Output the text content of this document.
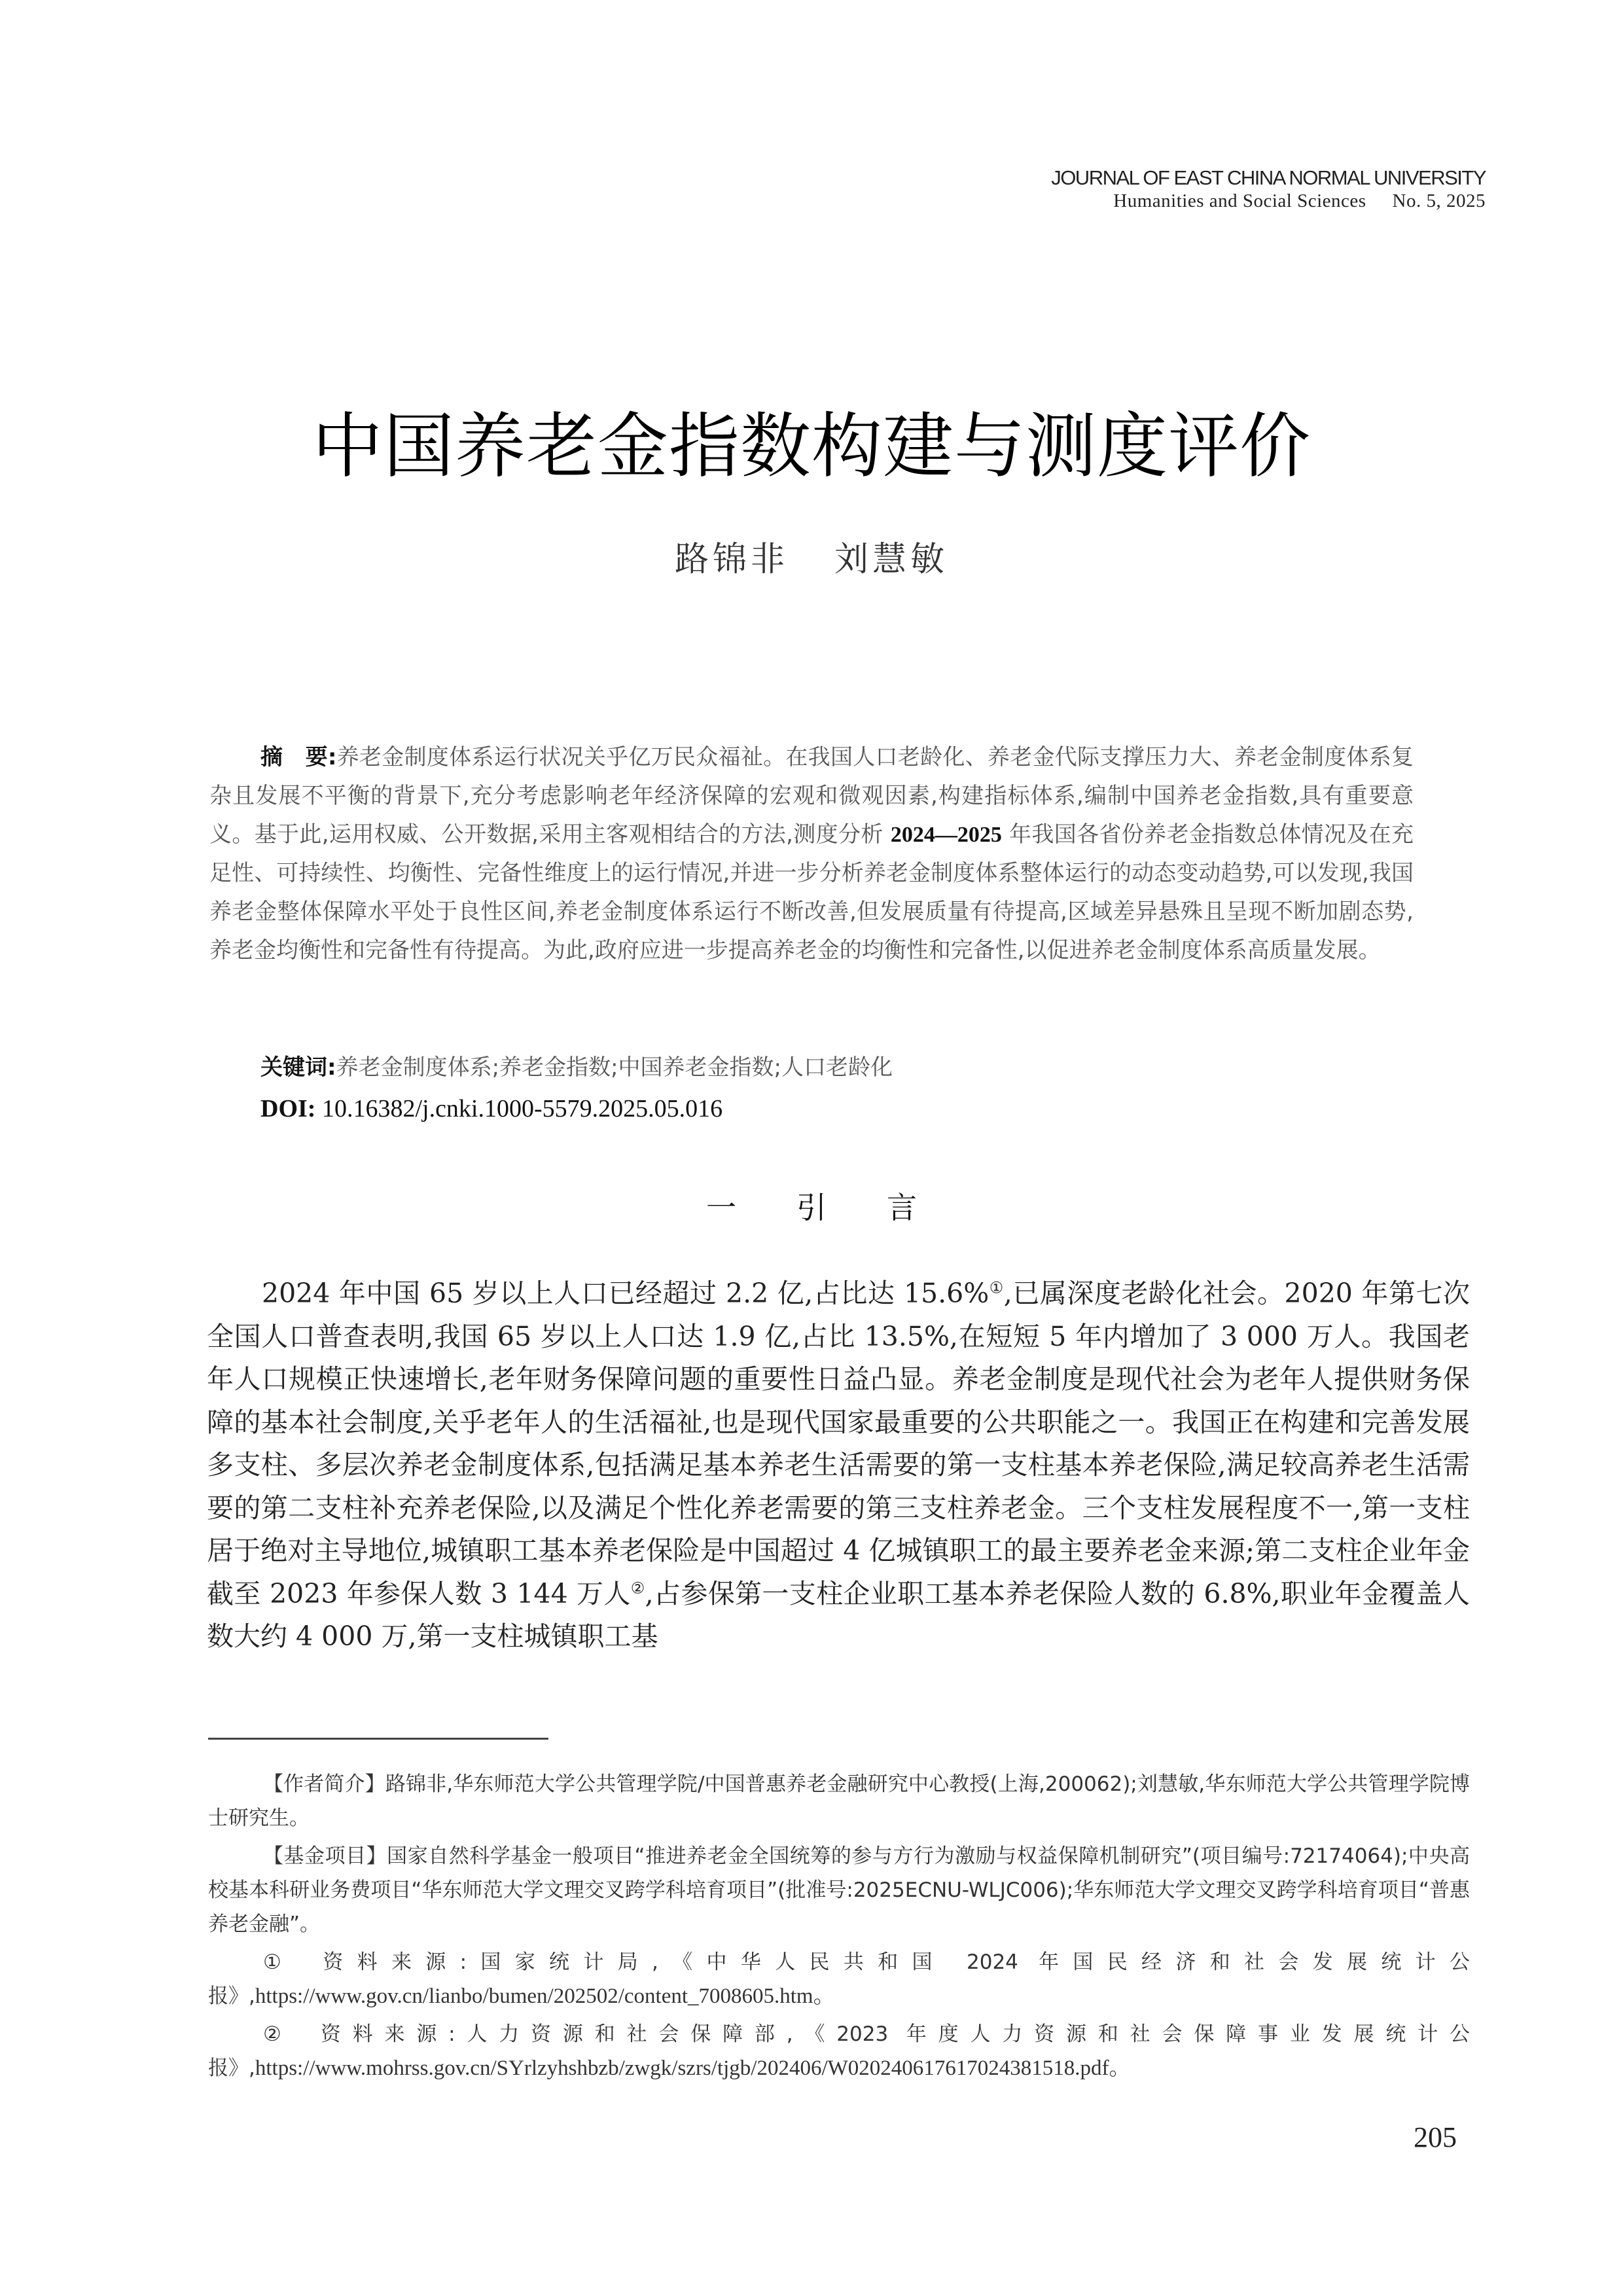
JOURNAL OF EAST CHINA NORMAL UNIVERSITY
Humanities and Social Sciences No. 5, 2025
中国养老金指数构建与测度评价
路锦非 刘慧敏
摘　要:养老金制度体系运行状况关乎亿万民众福祉。在我国人口老龄化、养老金代际支撑压力大、养老金制度体系复杂且发展不平衡的背景下,充分考虑影响老年经济保障的宏观和微观因素,构建指标体系,编制中国养老金指数,具有重要意义。基于此,运用权威、公开数据,采用主客观相结合的方法,测度分析 2024—2025 年我国各省份养老金指数总体情况及在充足性、可持续性、均衡性、完备性维度上的运行情况,并进一步分析养老金制度体系整体运行的动态变动趋势,可以发现,我国养老金整体保障水平处于良性区间,养老金制度体系运行不断改善,但发展质量有待提高,区域差异悬殊且呈现不断加剧态势,养老金均衡性和完备性有待提高。为此,政府应进一步提高养老金的均衡性和完备性,以促进养老金制度体系高质量发展。
关键词:养老金制度体系;养老金指数;中国养老金指数;人口老龄化
DOI: 10.16382/j.cnki.1000-5579.2025.05.016
一 引 言
2024 年中国 65 岁以上人口已经超过 2.2 亿,占比达 15.6%①,已属深度老龄化社会。2020 年第七次全国人口普查表明,我国 65 岁以上人口达 1.9 亿,占比 13.5%,在短短 5 年内增加了 3 000 万人。我国老年人口规模正快速增长,老年财务保障问题的重要性日益凸显。养老金制度是现代社会为老年人提供财务保障的基本社会制度,关乎老年人的生活福祉,也是现代国家最重要的公共职能之一。我国正在构建和完善发展多支柱、多层次养老金制度体系,包括满足基本养老生活需要的第一支柱基本养老保险,满足较高养老生活需要的第二支柱补充养老保险,以及满足个性化养老需要的第三支柱养老金。三个支柱发展程度不一,第一支柱居于绝对主导地位,城镇职工基本养老保险是中国超过 4 亿城镇职工的最主要养老金来源;第二支柱企业年金截至 2023 年参保人数 3 144 万人②,占参保第一支柱企业职工基本养老保险人数的 6.8%,职业年金覆盖人数大约 4 000 万,第一支柱城镇职工基

【作者简介】路锦非,华东师范大学公共管理学院/中国普惠养老金融研究中心教授(上海,200062);刘慧敏,华东师范大学公共管理学院博士研究生。

【基金项目】国家自然科学基金一般项目“推进养老金全国统筹的参与方行为激励与权益保障机制研究”(项目编号:72174064);中央高校基本科研业务费项目“华东师范大学文理交叉跨学科培育项目”(批准号:2025ECNU-WLJC006);华东师范大学文理交叉跨学科培育项目“普惠养老金融”。

① 资料来源:国家统计局,《中华人民共和国 2024 年国民经济和社会发展统计公报》,https://www.gov.cn/lianbo/bumen/202502/content_7008605.htm。

② 资料来源:人力资源和社会保障部,《2023 年度人力资源和社会保障事业发展统计公报》,https://www.mohrss.gov.cn/SYrlzyhshbzb/zwgk/szrs/tjgb/202406/W020240617617024381518.pdf。

205
